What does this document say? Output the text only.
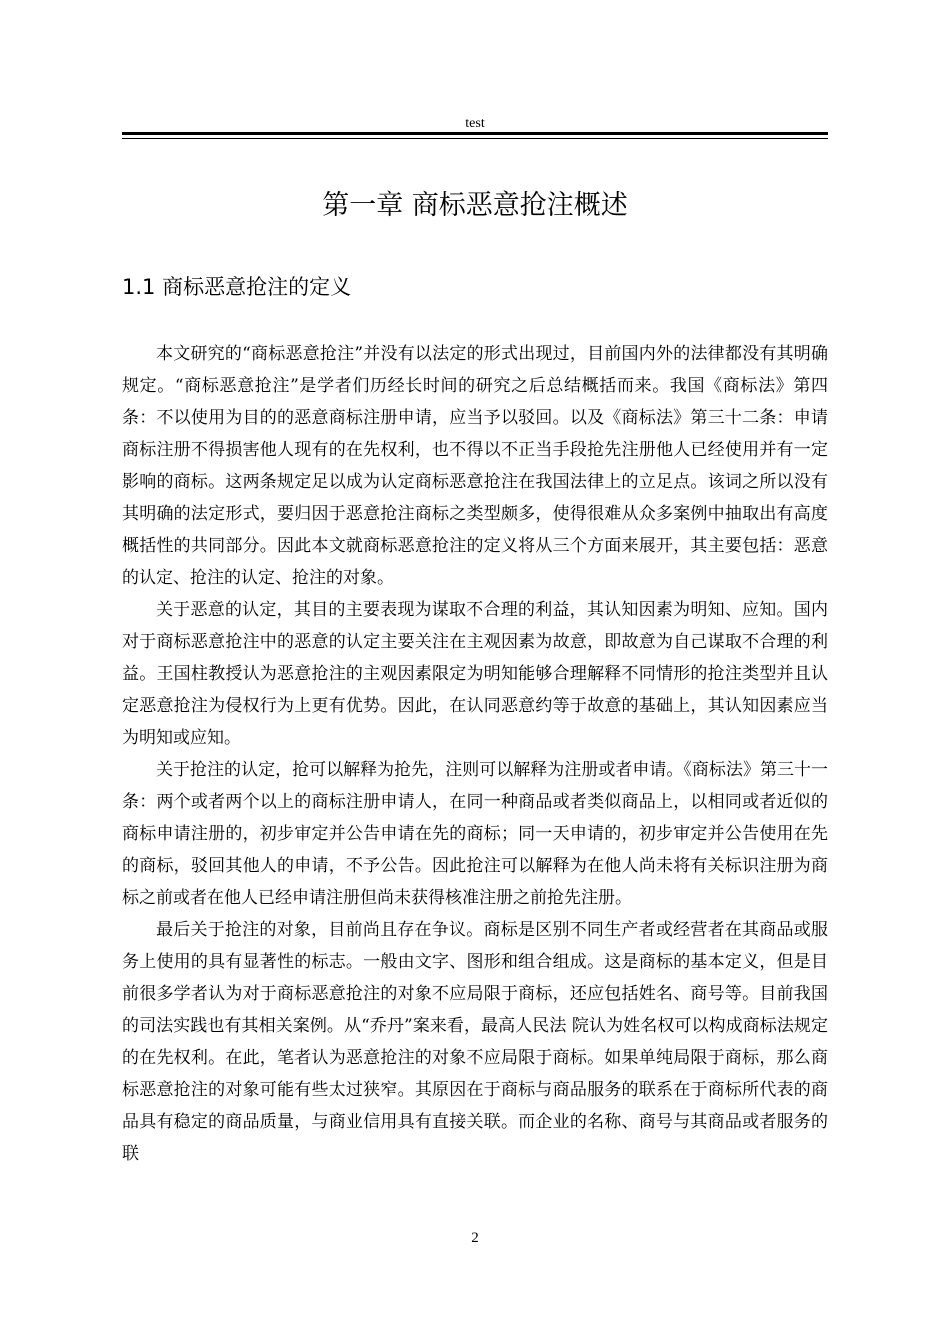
test
第一章 商标恶意抢注概述
1.1 商标恶意抢注的定义

本文研究的“商标恶意抢注”并没有以法定的形式出现过，目前国内外的法律都没有其明确规定。“商标恶意抢注”是学者们历经长时间的研究之后总结概括而来。我国《商标法》第四条：不以使用为目的的恶意商标注册申请，应当予以驳回。以及《商标法》第三十二条：申请商标注册不得损害他人现有的在先权利，也不得以不正当手段抢先注册他人已经使用并有一定影响的商标。这两条规定足以成为认定商标恶意抢注在我国法律上的立足点。该词之所以没有其明确的法定形式，要归因于恶意抢注商标之类型颇多，使得很难从众多案例中抽取出有高度概括性的共同部分。因此本文就商标恶意抢注的定义将从三个方面来展开，其主要包括：恶意的认定、抢注的认定、抢注的对象。

关于恶意的认定，其目的主要表现为谋取不合理的利益，其认知因素为明知、应知。国内对于商标恶意抢注中的恶意的认定主要关注在主观因素为故意，即故意为自己谋取不合理的利益。王国柱教授认为恶意抢注的主观因素限定为明知能够合理解释不同情形的抢注类型并且认定恶意抢注为侵权行为上更有优势。因此，在认同恶意约等于故意的基础上，其认知因素应当为明知或应知。

关于抢注的认定，抢可以解释为抢先，注则可以解释为注册或者申请。《商标法》第三十一条：两个或者两个以上的商标注册申请人，在同一种商品或者类似商品上，以相同或者近似的商标申请注册的，初步审定并公告申请在先的商标；同一天申请的，初步审定并公告使用在先的商标，驳回其他人的申请，不予公告。因此抢注可以解释为在他人尚未将有关标识注册为商标之前或者在他人已经申请注册但尚未获得核准注册之前抢先注册。

最后关于抢注的对象，目前尚且存在争议。商标是区别不同生产者或经营者在其商品或服务上使用的具有显著性的标志。一般由文字、图形和组合组成。这是商标的基本定义，但是目前很多学者认为对于商标恶意抢注的对象不应局限于商标，还应包括姓名、商号等。目前我国的司法实践也有其相关案例。从“乔丹”案来看，最高人民法 院认为姓名权可以构成商标法规定的在先权利。在此，笔者认为恶意抢注的对象不应局限于商标。如果单纯局限于商标，那么商标恶意抢注的对象可能有些太过狭窄。其原因在于商标与商品服务的联系在于商标所代表的商品具有稳定的商品质量，与商业信用具有直接关联。而企业的名称、商号与其商品或者服务的联

2
